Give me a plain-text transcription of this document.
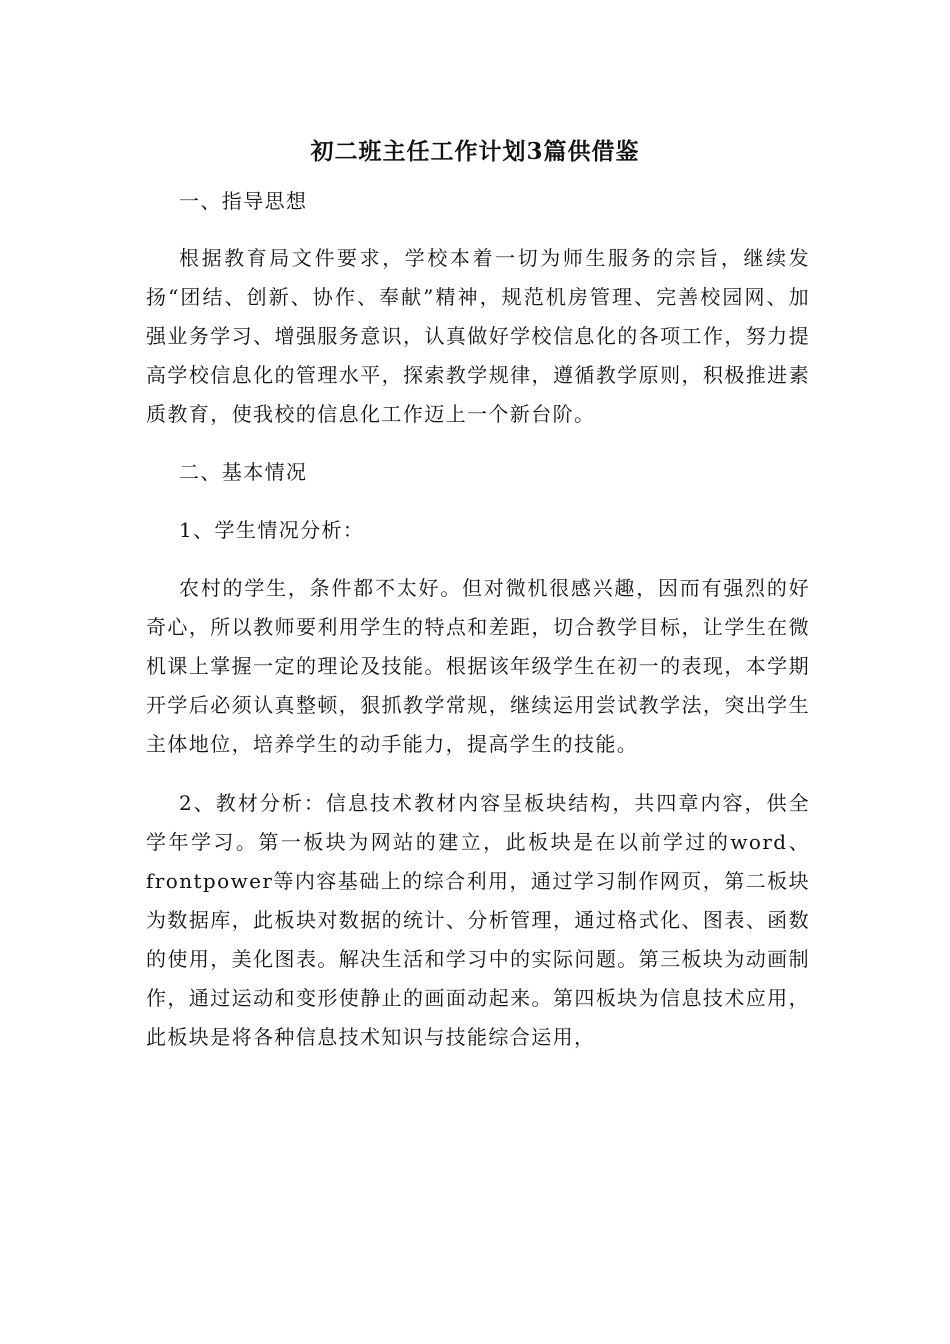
初二班主任工作计划3篇供借鉴

一、指导思想

根据教育局文件要求，学校本着一切为师生服务的宗旨，继续发扬“团结、创新、协作、奉献”精神，规范机房管理、完善校园网、加强业务学习、增强服务意识，认真做好学校信息化的各项工作，努力提高学校信息化的管理水平，探索教学规律，遵循教学原则，积极推进素质教育，使我校的信息化工作迈上一个新台阶。

二、基本情况

1、学生情况分析：

农村的学生，条件都不太好。但对微机很感兴趣，因而有强烈的好奇心，所以教师要利用学生的特点和差距，切合教学目标，让学生在微机课上掌握一定的理论及技能。根据该年级学生在初一的表现，本学期开学后必须认真整顿，狠抓教学常规，继续运用尝试教学法，突出学生主体地位，培养学生的动手能力，提高学生的技能。

2、教材分析：信息技术教材内容呈板块结构，共四章内容，供全学年学习。第一板块为网站的建立，此板块是在以前学过的word、frontpower等内容基础上的综合利用，通过学习制作网页，第二板块为数据库，此板块对数据的统计、分析管理，通过格式化、图表、函数的使用，美化图表。解决生活和学习中的实际问题。第三板块为动画制作，通过运动和变形使静止的画面动起来。第四板块为信息技术应用，此板块是将各种信息技术知识与技能综合运用，
